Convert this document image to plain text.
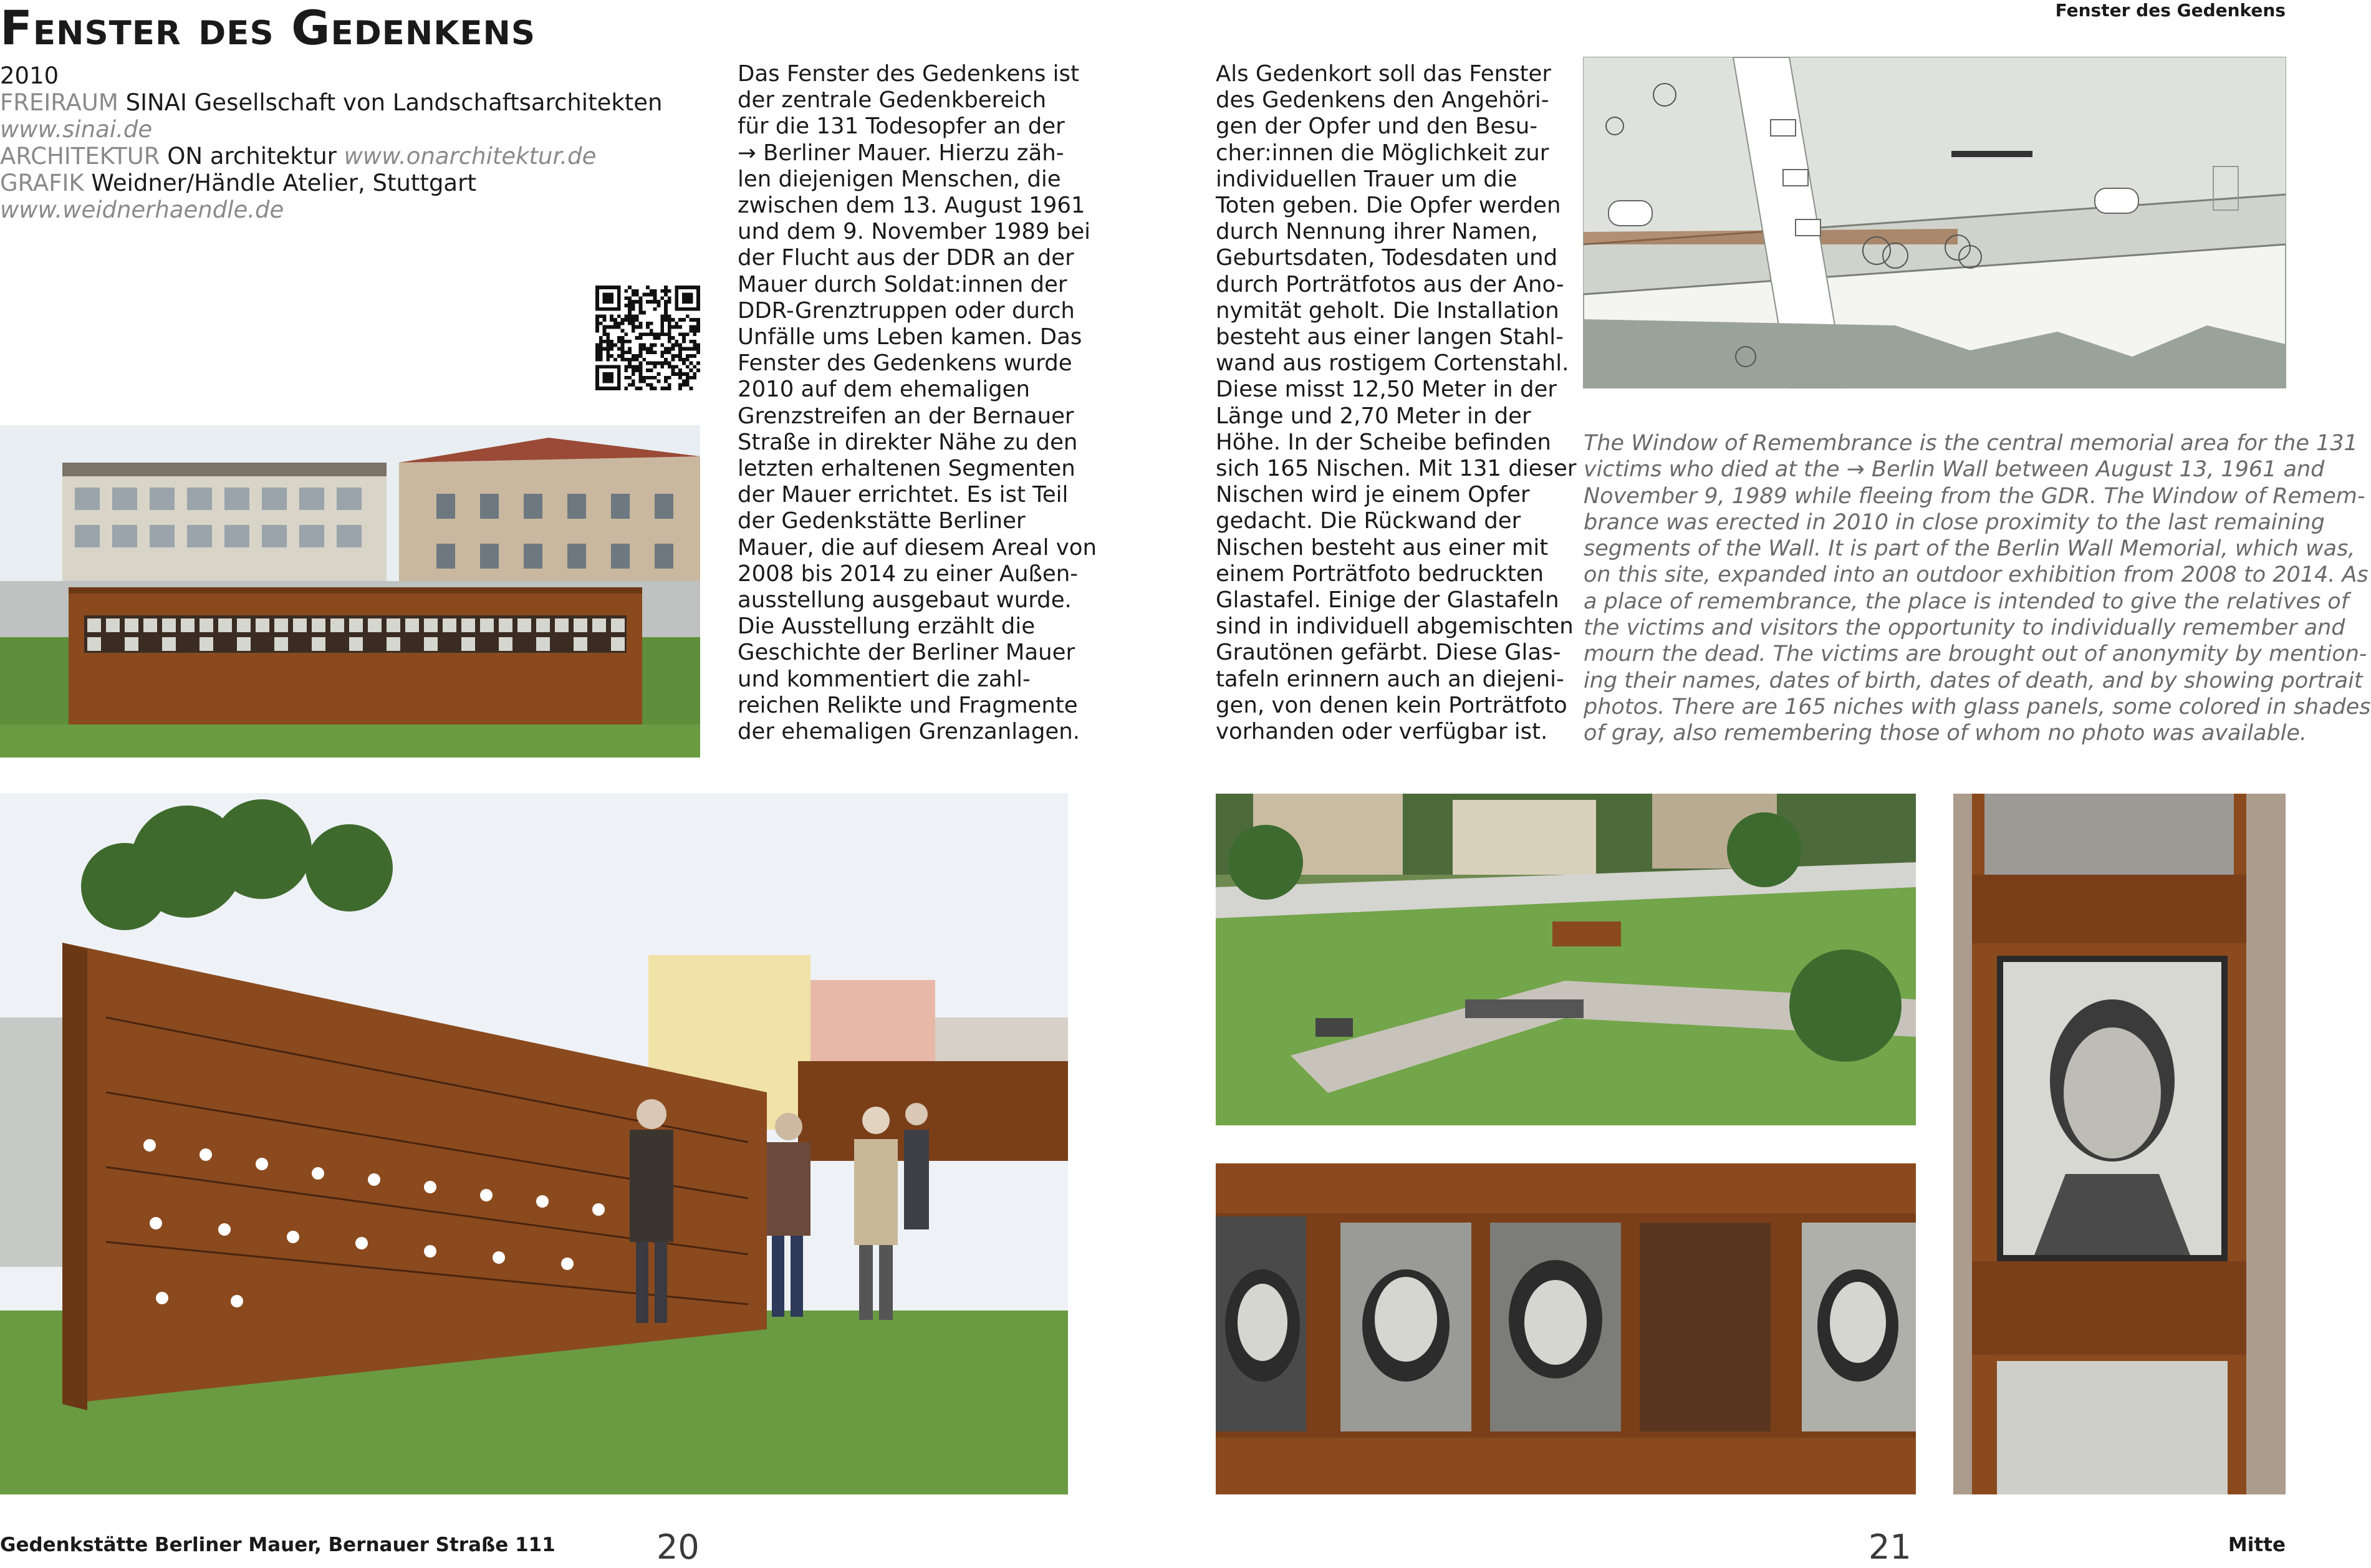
Fenster des Gedenkens	Fenster des Gedenkens
2010
FREIRAUM SINAI Gesellschaft von Landschaftsarchitekten
www.sinai.de
ARCHITEKTUR ON architektur www.onarchitektur.de
GRAFIK Weidner/Händle Atelier, Stuttgart www.weidnerhaendle.de
Das Fenster des Gedenkens ist
der zentrale Gedenkbereich
für die 131 Todesopfer an der
→ Berliner Mauer. Hierzu zäh-
len diejenigen Menschen, die
zwischen dem 13. August 1961
und dem 9. November 1989 bei
der Flucht aus der DDR an der
Mauer durch Soldat:innen der
DDR-Grenztruppen oder durch
Unfälle ums Leben kamen. Das
Fenster des Gedenkens wurde
2010 auf dem ehemaligen
Grenzstreifen an der Bernauer
Straße in direkter Nähe zu den
letzten erhaltenen Segmenten
der Mauer errichtet. Es ist Teil
der Gedenkstätte Berliner
Mauer, die auf diesem Areal von
2008 bis 2014 zu einer Außen-
ausstellung ausgebaut wurde.
Die Ausstellung erzählt die
Geschichte der Berliner Mauer
und kommentiert die zahl-
reichen Relikte und Fragmente
der ehemaligen Grenzanlagen.
Als Gedenkort soll das Fenster
des Gedenkens den Angehöri-
gen der Opfer und den Besu-
cher:innen die Möglichkeit zur
individuellen Trauer um die
Toten geben. Die Opfer werden
durch Nennung ihrer Namen,
Geburtsdaten, Todesdaten und
durch Porträtfotos aus der Ano-
nymität geholt. Die Installation
besteht aus einer langen Stahl-
wand aus rostigem Cortenstahl.
Diese misst 12,50 Meter in der
Länge und 2,70 Meter in der
Höhe. In der Scheibe befinden
sich 165 Nischen. Mit 131 dieser
Nischen wird je einem Opfer
gedacht. Die Rückwand der
Nischen besteht aus einer mit
einem Porträtfoto bedruckten
Glastafel. Einige der Glastafeln
sind in individuell abgemischten
Grautönen gefärbt. Diese Glas-
tafeln erinnern auch an diejeni-
gen, von denen kein Porträtfoto
vorhanden oder verfügbar ist.
The Window of Remembrance is the central memorial area for the 131
victims who died at the → Berlin Wall between August 13, 1961 and
November 9, 1989 while fleeing from the GDR. The Window of Remem-
brance was erected in 2010 in close proximity to the last remaining
segments of the Wall. It is part of the Berlin Wall Memorial, which was,
on this site, expanded into an outdoor exhibition from 2008 to 2014. As
a place of remembrance, the place is intended to give the relatives of
the victims and visitors the opportunity to individually remember and
mourn the dead. The victims are brought out of anonymity by mention-
ing their names, dates of birth, dates of death, and by showing portrait
photos. There are 165 niches with glass panels, some colored in shades
of gray, also remembering those of whom no photo was available.
Gedenkstätte Berliner Mauer, Bernauer Straße 111	20	21	Mitte
